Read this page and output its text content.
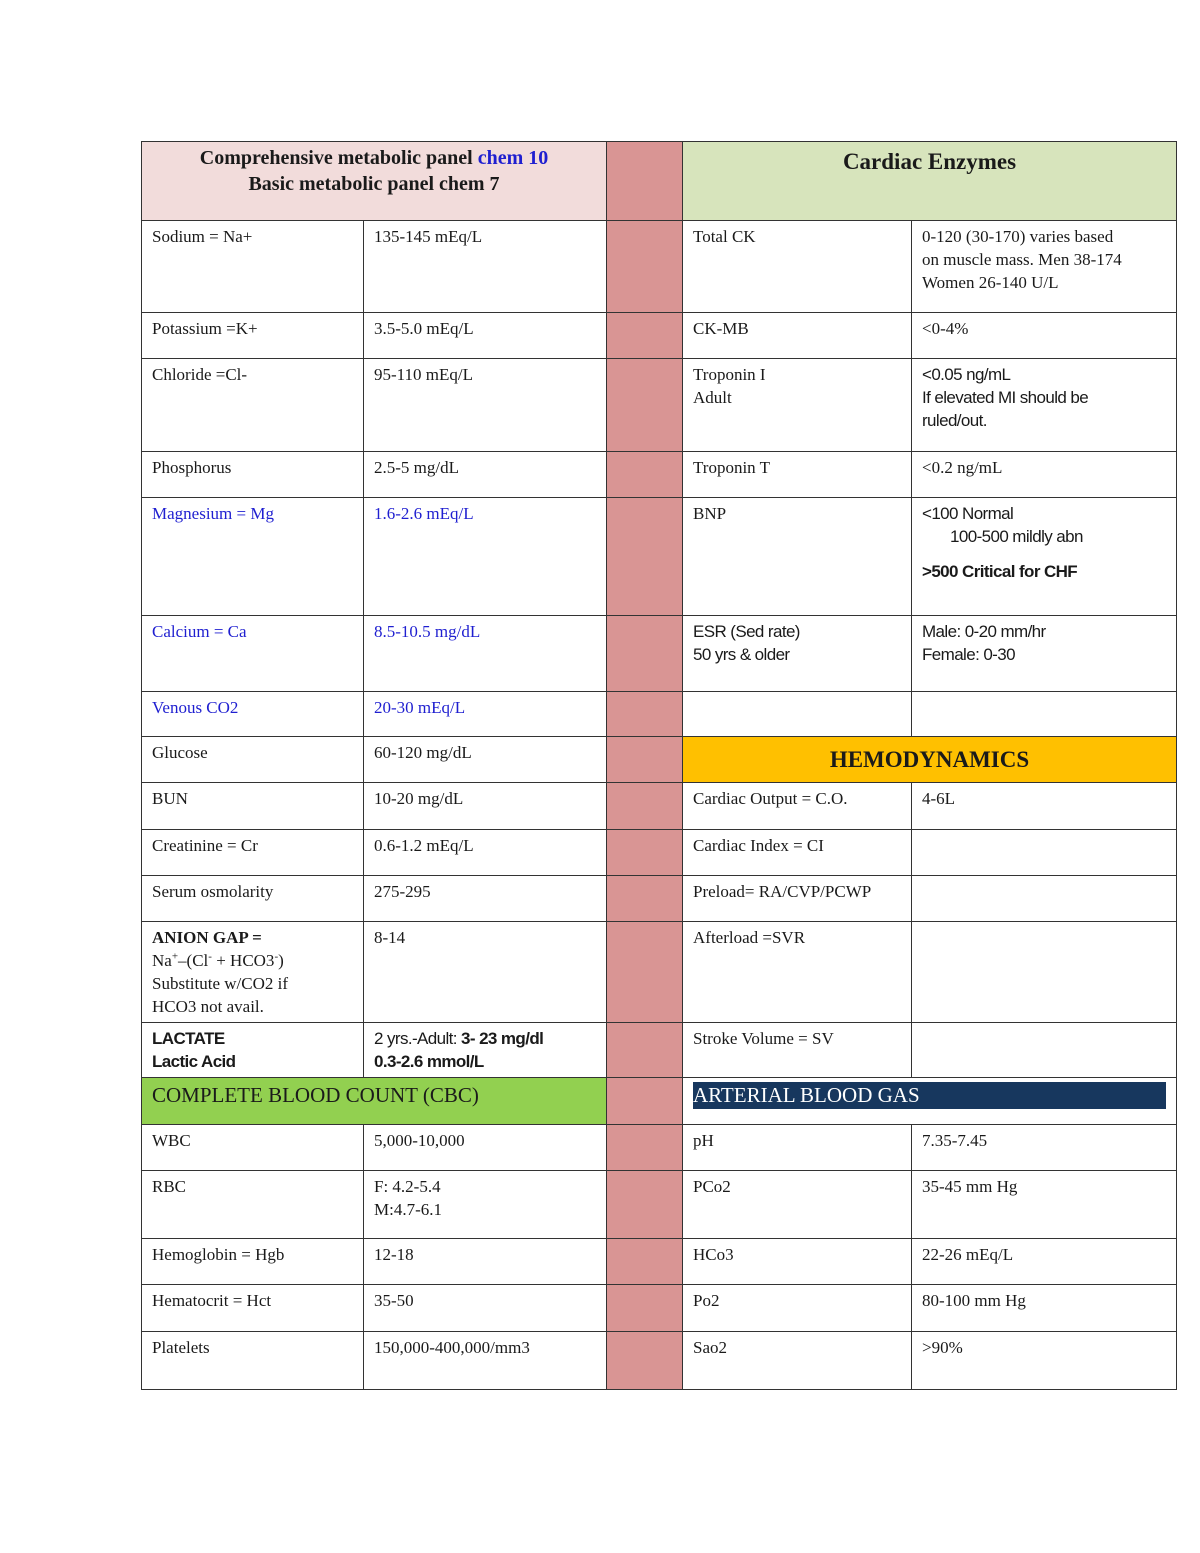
Comprehensive metabolic panel chem 10
Basic metabolic panel chem 7			Cardiac Enzymes	
Sodium = Na+	135-145 mEq/L		Total CK	0-120 (30-170) varies based
on muscle mass. Men 38-174
Women 26-140 U/L

Potassium =K+	3.5-5.0 mEq/L		CK-MB	<0-4%
Chloride =Cl-	95-110 mEq/L		Troponin I
Adult	<0.05 ng/mL
If elevated MI should be
ruled/out.

Phosphorus	2.5-5 mg/dL		Troponin T	<0.2 ng/mL
Magnesium = Mg	1.6-2.6 mEq/L		BNP	<100 Normal
100-500 mildly abn
>500 Critical for CHF

Calcium = Ca	8.5-10.5 mg/dL		ESR (Sed rate)
50 yrs & older	Male: 0-20 mm/hr
Female: 0-30

Venous CO2	20-30 mEq/L			
Glucose	60-120 mg/dL		HEMODYNAMICS	
BUN	10-20 mg/dL		Cardiac Output = C.O.	4-6L
Creatinine = Cr	0.6-1.2 mEq/L		Cardiac Index = CI	
Serum osmolarity	275-295		Preload= RA/CVP/PCWP	

ANION GAP =
Na+–(Cl- + HCO3-)
Substitute w/CO2 if
HCO3 not avail.	8-14		Afterload =SVR	

LACTATE
Lactic Acid	2 yrs.-Adult: 3- 23 mg/dl
0.3-2.6 mmol/L		Stroke Volume = SV	
COMPLETE BLOOD COUNT (CBC)			ARTERIAL BLOOD GAS	

WBC	5,000-10,000		pH	7.35-7.45
RBC	F: 4.2-5.4
M:4.7-6.1		PCo2	35-45 mm Hg
Hemoglobin = Hgb	12-18		HCo3	22-26 mEq/L
Hematocrit = Hct	35-50		Po2	80-100 mm Hg
Platelets	150,000-400,000/mm3		Sao2	>90%
